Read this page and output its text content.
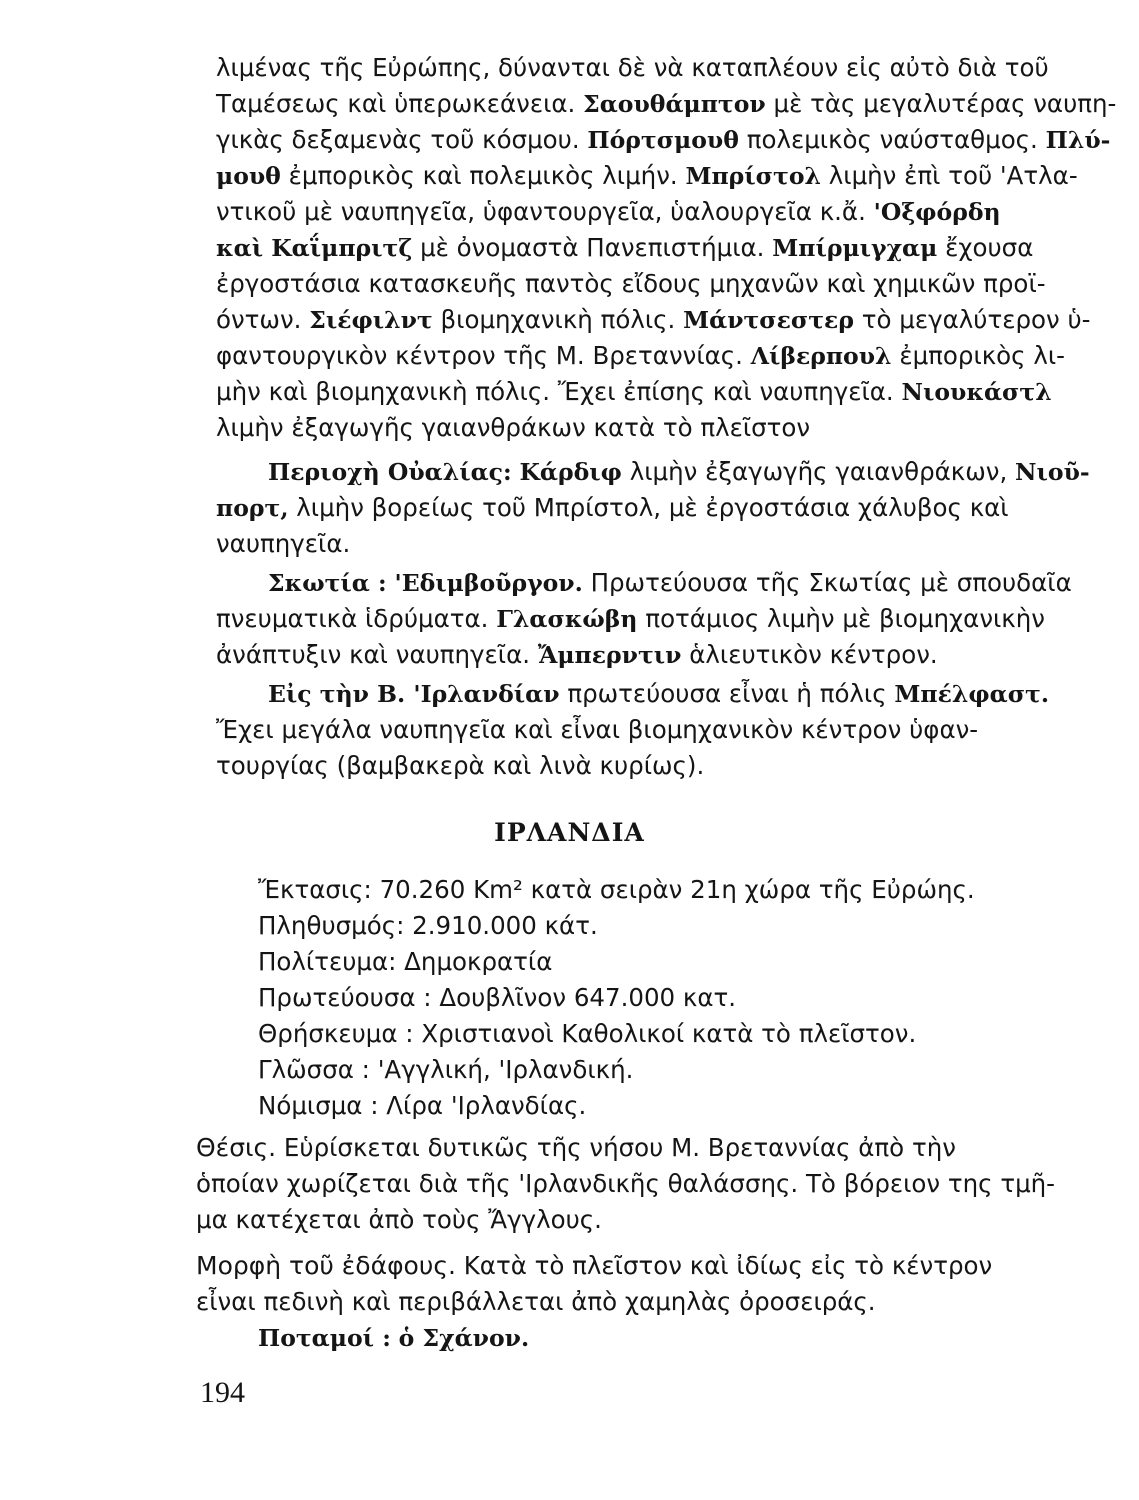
λιμένας τῆς Εὐρώπης, δύνανται δὲ νὰ καταπλέουν εἰς αὐτὸ διὰ τοῦ
Ταμέσεως καὶ ὑπερωκεάνεια. Σαουθάμπτον μὲ τὰς μεγαλυτέρας ναυπη-
γικὰς δεξαμενὰς τοῦ κόσμου. Πόρτσμουθ πολεμικὸς ναύσταθμος. Πλύ-
μουθ ἐμπορικὸς καὶ πολεμικὸς λιμήν. Μπρίστολ λιμὴν ἐπὶ τοῦ 'Ατλα-
ντικοῦ μὲ ναυπηγεῖα, ὑφαντουργεῖα, ὑαλουργεῖα κ.ἄ. 'Οξφόρδη
καὶ Καΐμπριτζ μὲ ὀνομαστὰ Πανεπιστήμια. Μπίρμιγχαμ ἔχουσα
ἐργοστάσια κατασκευῆς παντὸς εἴδους μηχανῶν καὶ χημικῶν προϊ-
όντων. Σιέφιλντ βιομηχανικὴ πόλις. Μάντσεστερ τὸ μεγαλύτερον ὑ-
φαντουργικὸν κέντρον τῆς Μ. Βρεταννίας. Λίβερπουλ ἐμπορικὸς λι-
μὴν καὶ βιομηχανικὴ πόλις. Ἔχει ἐπίσης καὶ ναυπηγεῖα. Νιουκάστλ
λιμὴν ἐξαγωγῆς γαιανθράκων κατὰ τὸ πλεῖστον
Περιοχὴ Οὐαλίας: Κάρδιφ λιμὴν ἐξαγωγῆς γαιανθράκων, Νιοῦ-
πορτ, λιμὴν βορείως τοῦ Μπρίστολ, μὲ ἐργοστάσια χάλυβος καὶ
ναυπηγεῖα.
Σκωτία : 'Εδιμβοῦργον. Πρωτεύουσα τῆς Σκωτίας μὲ σπουδαῖα
πνευματικὰ ἱδρύματα. Γλασκώβη ποτάμιος λιμὴν μὲ βιομηχανικὴν
ἀνάπτυξιν καὶ ναυπηγεῖα. Ἄμπερντιν ἁλιευτικὸν κέντρον.
Εἰς τὴν Β. 'Ιρλανδίαν πρωτεύουσα εἶναι ἡ πόλις Μπέλφαστ.
Ἔχει μεγάλα ναυπηγεῖα καὶ εἶναι βιομηχανικὸν κέντρον ὑφαν-
τουργίας (βαμβακερὰ καὶ λινὰ κυρίως).
ΙΡΛΑΝΔΙΑ
Ἔκτασις: 70.260 Km² κατὰ σειρὰν 21η χώρα τῆς Εὐρώης.
Πληθυσμός: 2.910.000 κάτ.
Πολίτευμα: Δημοκρατία
Πρωτεύουσα : Δουβλῖνον 647.000 κατ.
Θρήσκευμα : Χριστιανοὶ Καθολικοί κατὰ τὸ πλεῖστον.
Γλῶσσα : 'Αγγλική, 'Ιρλανδική.
Νόμισμα : Λίρα 'Ιρλανδίας.
Θέσις. Εὑρίσκεται δυτικῶς τῆς νήσου Μ. Βρεταννίας ἀπὸ τὴν
ὁποίαν χωρίζεται διὰ τῆς 'Ιρλανδικῆς θαλάσσης. Τὸ βόρειον της τμῆ-
μα κατέχεται ἀπὸ τοὺς Ἄγγλους.
Μορφὴ τοῦ ἐδάφους. Κατὰ τὸ πλεῖστον καὶ ἰδίως εἰς τὸ κέντρον
εἶναι πεδινὴ καὶ περιβάλλεται ἀπὸ χαμηλὰς ὀροσειράς.
Ποταμοί : ὁ Σχάνον.
194
